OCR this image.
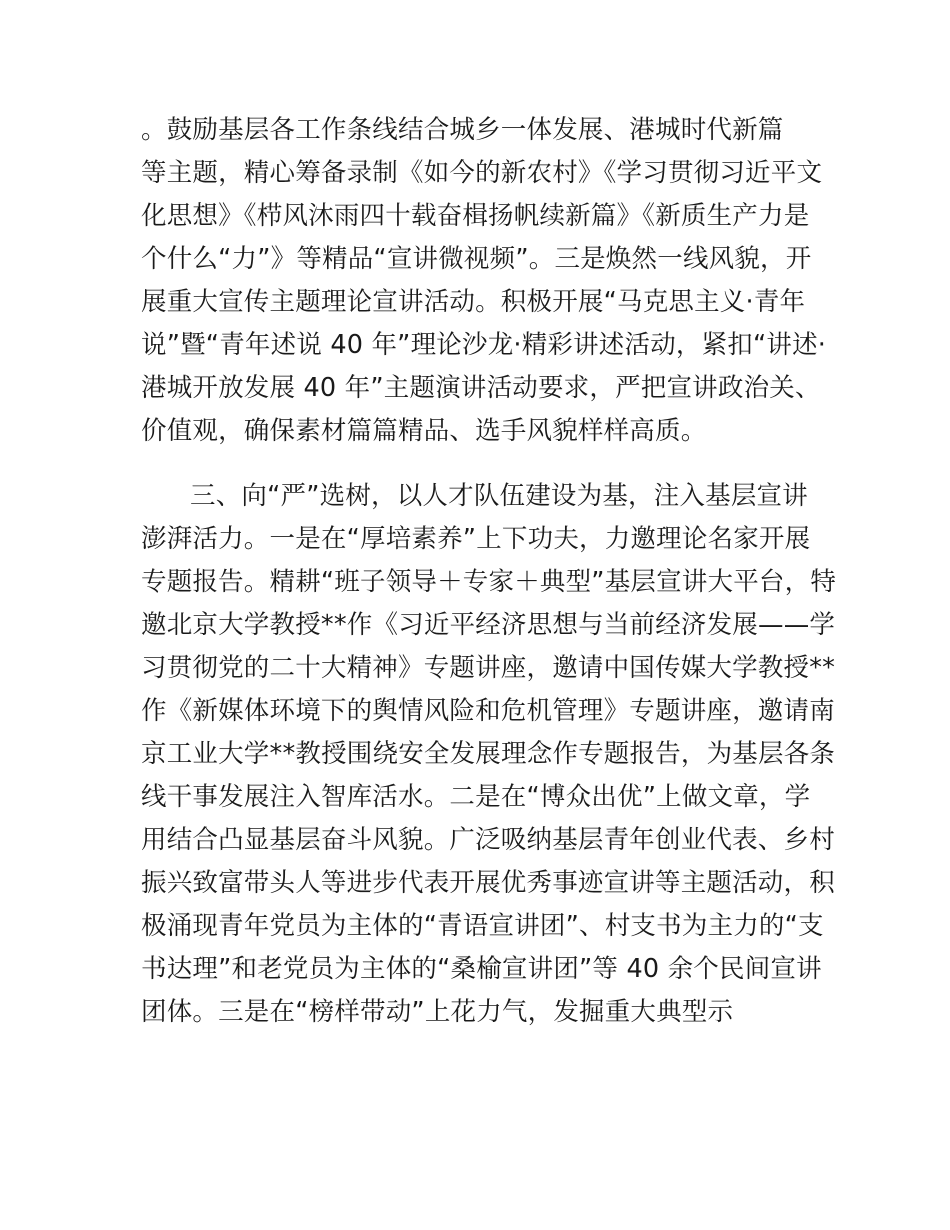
。鼓励基层各工作条线结合城乡一体发展、港城时代新篇
等主题，精心筹备录制《如今的新农村》《学习贯彻习近平文
化思想》《栉风沐雨四十载奋楫扬帆续新篇》《新质生产力是
个什么“力”》等精品“宣讲微视频”。三是焕然一线风貌，开
展重大宣传主题理论宣讲活动。积极开展“马克思主义·青年
说”暨“青年述说 40 年”理论沙龙·精彩讲述活动，紧扣“讲述·
港城开放发展 40 年”主题演讲活动要求，严把宣讲政治关、
价值观，确保素材篇篇精品、选手风貌样样高质。
三、向“严”选树，以人才队伍建设为基，注入基层宣讲
澎湃活力。一是在“厚培素养”上下功夫，力邀理论名家开展
专题报告。精耕“班子领导＋专家＋典型”基层宣讲大平台，特
邀北京大学教授**作《习近平经济思想与当前经济发展——学
习贯彻党的二十大精神》专题讲座，邀请中国传媒大学教授**
作《新媒体环境下的舆情风险和危机管理》专题讲座，邀请南
京工业大学**教授围绕安全发展理念作专题报告，为基层各条
线干事发展注入智库活水。二是在“博众出优”上做文章，学
用结合凸显基层奋斗风貌。广泛吸纳基层青年创业代表、乡村
振兴致富带头人等进步代表开展优秀事迹宣讲等主题活动，积
极涌现青年党员为主体的“青语宣讲团”、村支书为主力的“支
书达理”和老党员为主体的“桑榆宣讲团”等 40 余个民间宣讲
团体。三是在“榜样带动”上花力气，发掘重大典型示
